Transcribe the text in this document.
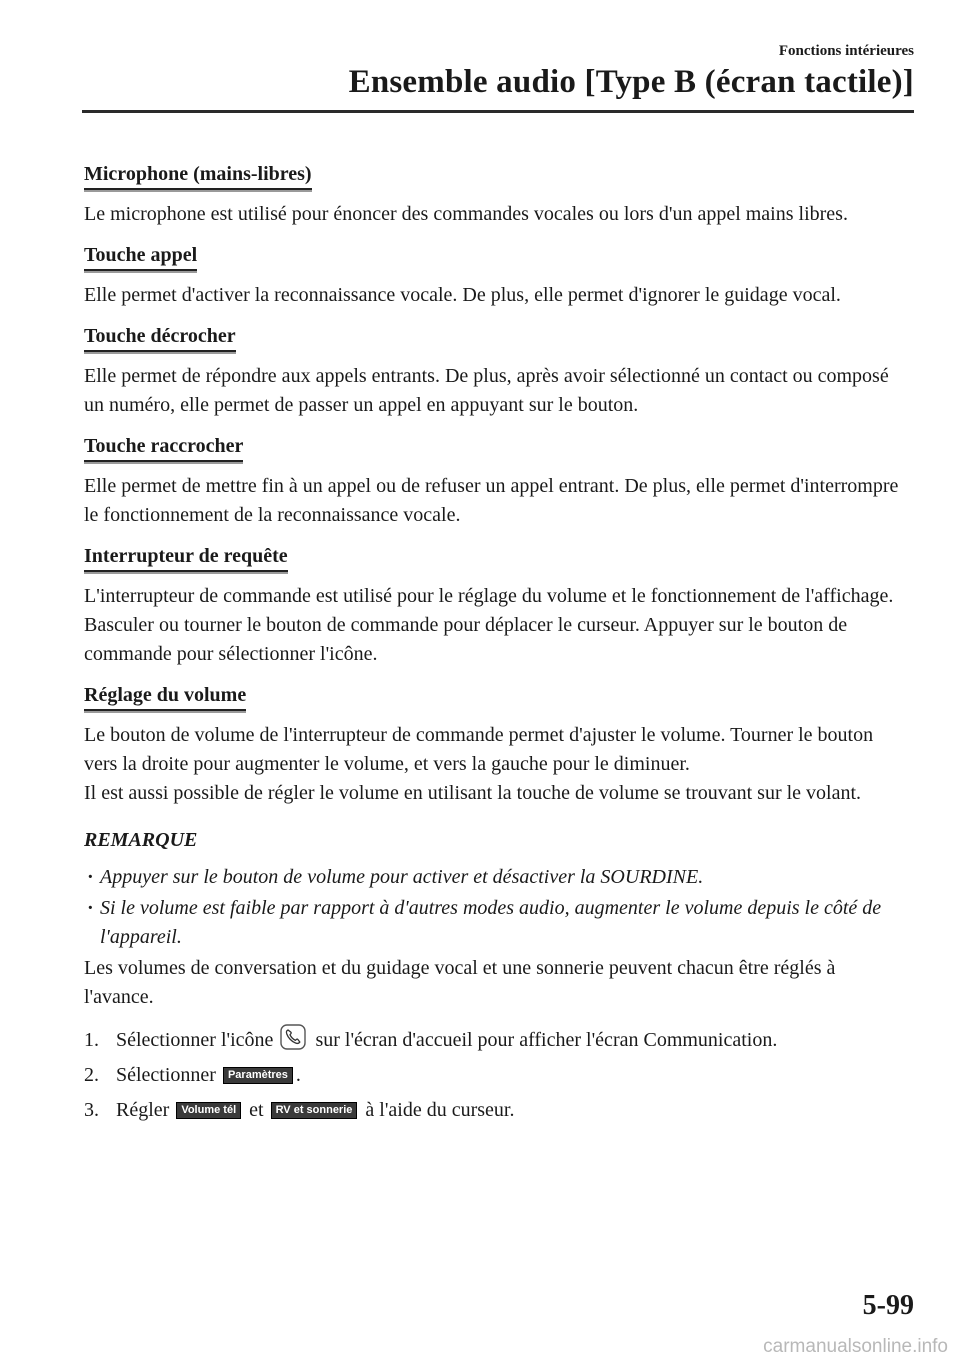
Fonctions intérieures
Ensemble audio [Type B (écran tactile)]
Microphone (mains-libres)

Le microphone est utilisé pour énoncer des commandes vocales ou lors d'un appel mains libres.

Touche appel

Elle permet d'activer la reconnaissance vocale. De plus, elle permet d'ignorer le guidage vocal.

Touche décrocher

Elle permet de répondre aux appels entrants. De plus, après avoir sélectionné un contact ou composé un numéro, elle permet de passer un appel en appuyant sur le bouton.

Touche raccrocher

Elle permet de mettre fin à un appel ou de refuser un appel entrant. De plus, elle permet d'interrompre le fonctionnement de la reconnaissance vocale.

Interrupteur de requête

L'interrupteur de commande est utilisé pour le réglage du volume et le fonctionnement de l'affichage. Basculer ou tourner le bouton de commande pour déplacer le curseur. Appuyer sur le bouton de commande pour sélectionner l'icône.

Réglage du volume

Le bouton de volume de l'interrupteur de commande permet d'ajuster le volume. Tourner le bouton vers la droite pour augmenter le volume, et vers la gauche pour le diminuer.

Il est aussi possible de régler le volume en utilisant la touche de volume se trouvant sur le volant.

REMARQUE
· Appuyer sur le bouton de volume pour activer et désactiver la SOURDINE.
· Si le volume est faible par rapport à d'autres modes audio, augmenter le volume depuis le côté de l'appareil.

Les volumes de conversation et du guidage vocal et une sonnerie peuvent chacun être réglés à l'avance.

1. Sélectionner l'icône sur l'écran d'accueil pour afficher l'écran Communication.
2. Sélectionner Paramètres .
3. Régler Volume tél et RV et sonnerie à l'aide du curseur.
5-99
carmanualsonline.info
